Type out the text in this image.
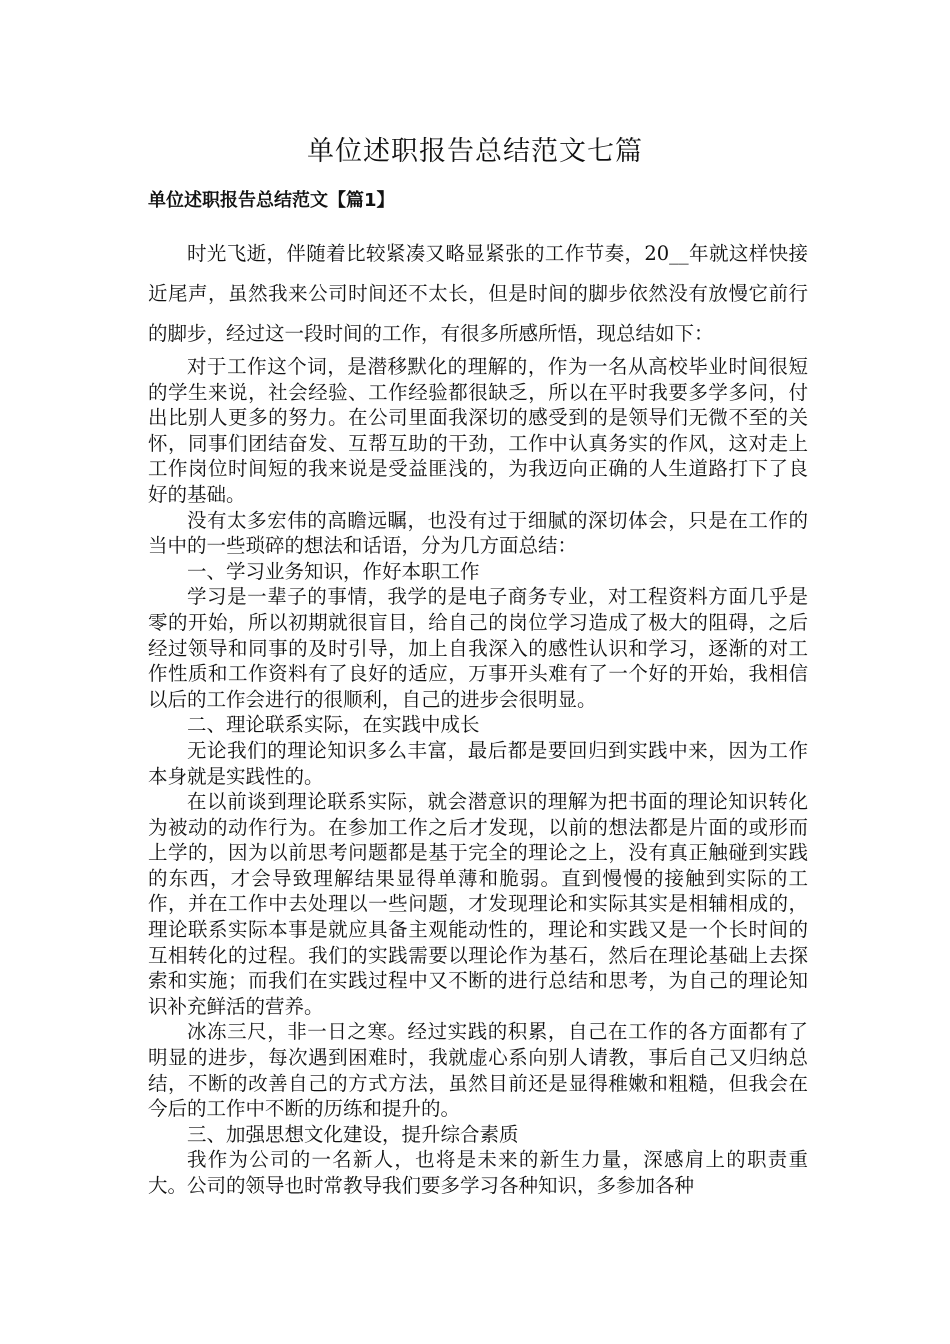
单位述职报告总结范文七篇
单位述职报告总结范文【篇1】

时光飞逝，伴随着比较紧凑又略显紧张的工作节奏，20__年就这样快接近尾声，虽然我来公司时间还不太长，但是时间的脚步依然没有放慢它前行的脚步，经过这一段时间的工作，有很多所感所悟，现总结如下：

对于工作这个词，是潜移默化的理解的，作为一名从高校毕业时间很短的学生来说，社会经验、工作经验都很缺乏，所以在平时我要多学多问，付出比别人更多的努力。在公司里面我深切的感受到的是领导们无微不至的关怀，同事们团结奋发、互帮互助的干劲，工作中认真务实的作风，这对走上工作岗位时间短的我来说是受益匪浅的，为我迈向正确的人生道路打下了良好的基础。

没有太多宏伟的高瞻远瞩，也没有过于细腻的深切体会，只是在工作的当中的一些琐碎的想法和话语，分为几方面总结：

一、学习业务知识，作好本职工作

学习是一辈子的事情，我学的是电子商务专业，对工程资料方面几乎是零的开始，所以初期就很盲目，给自己的岗位学习造成了极大的阻碍，之后经过领导和同事的及时引导，加上自我深入的感性认识和学习，逐渐的对工作性质和工作资料有了良好的适应，万事开头难有了一个好的开始，我相信以后的工作会进行的很顺利，自己的进步会很明显。

二、理论联系实际，在实践中成长

无论我们的理论知识多么丰富，最后都是要回归到实践中来，因为工作本身就是实践性的。

在以前谈到理论联系实际，就会潜意识的理解为把书面的理论知识转化为被动的动作行为。在参加工作之后才发现，以前的想法都是片面的或形而上学的，因为以前思考问题都是基于完全的理论之上，没有真正触碰到实践的东西，才会导致理解结果显得单薄和脆弱。直到慢慢的接触到实际的工作，并在工作中去处理以一些问题，才发现理论和实际其实是相辅相成的，理论联系实际本事是就应具备主观能动性的，理论和实践又是一个长时间的互相转化的过程。我们的实践需要以理论作为基石，然后在理论基础上去探索和实施；而我们在实践过程中又不断的进行总结和思考，为自己的理论知识补充鲜活的营养。

冰冻三尺，非一日之寒。经过实践的积累，自己在工作的各方面都有了明显的进步，每次遇到困难时，我就虚心系向别人请教，事后自己又归纳总结，不断的改善自己的方式方法，虽然目前还是显得稚嫩和粗糙，但我会在今后的工作中不断的历练和提升的。

三、加强思想文化建设，提升综合素质

我作为公司的一名新人，也将是未来的新生力量，深感肩上的职责重大。公司的领导也时常教导我们要多学习各种知识，多参加各种
